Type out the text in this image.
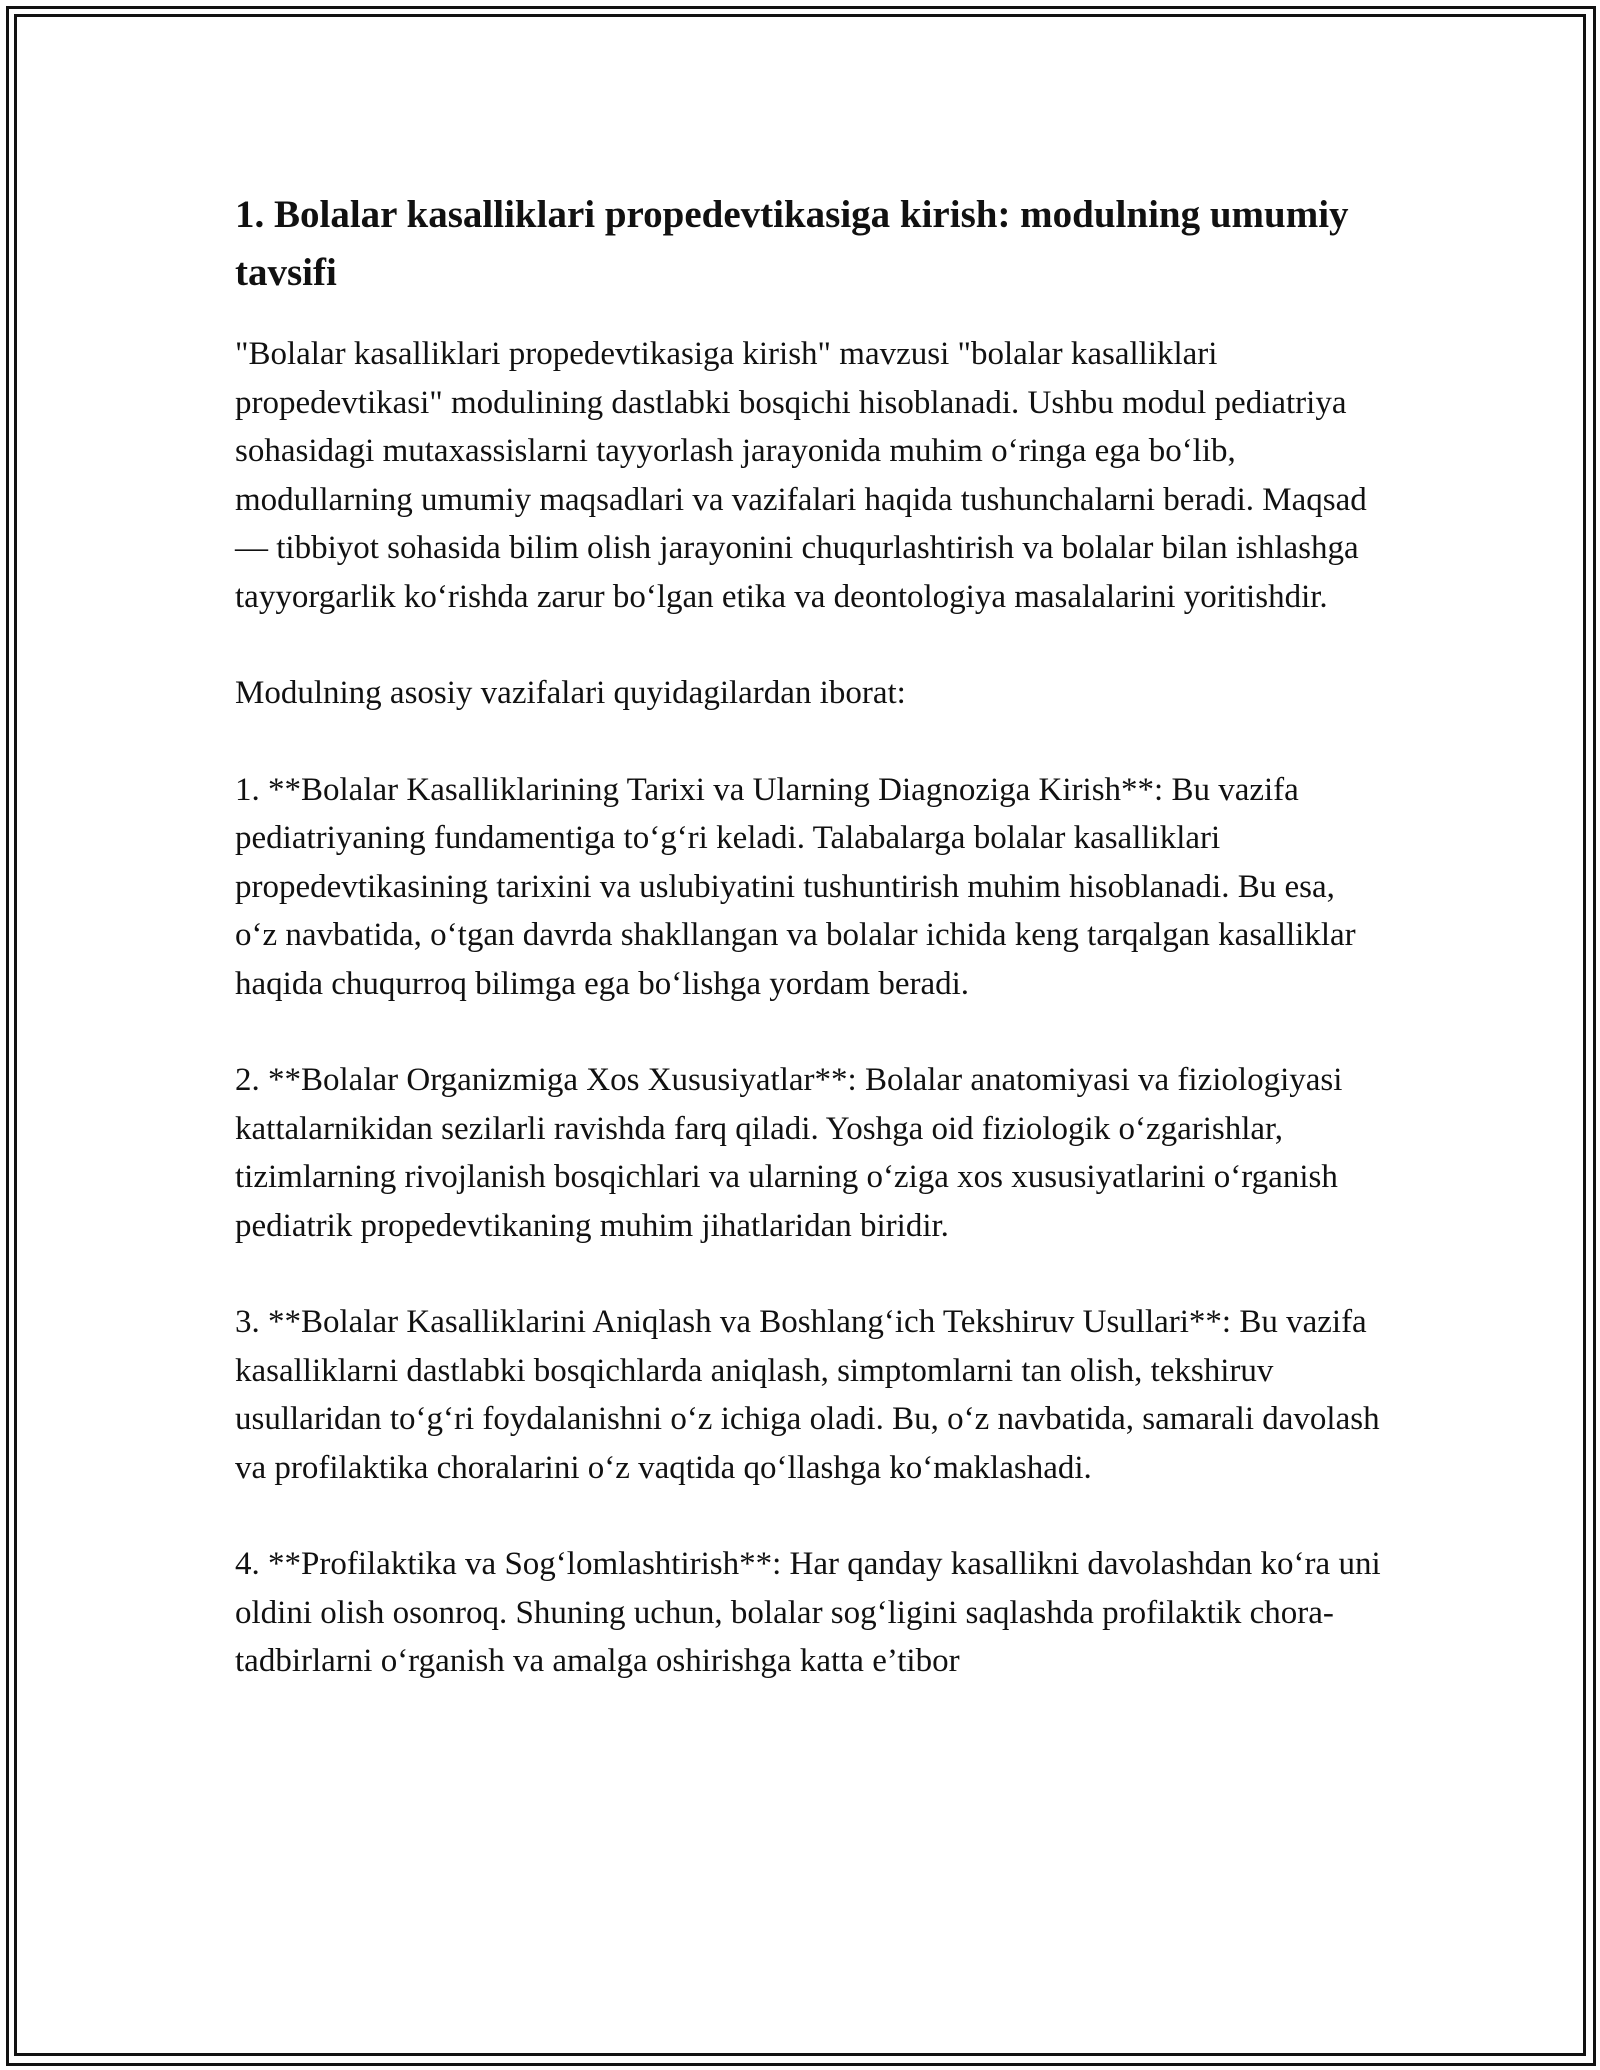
1. Bolalar kasalliklari propedevtikasiga kirish: modulning umumiy tavsifi

"Bolalar kasalliklari propedevtikasiga kirish" mavzusi "bolalar kasalliklari propedevtikasi" modulining dastlabki bosqichi hisoblanadi. Ushbu modul pediatriya sohasidagi mutaxassislarni tayyorlash jarayonida muhim o‘ringa ega bo‘lib, modullarning umumiy maqsadlari va vazifalari haqida tushunchalarni beradi. Maqsad — tibbiyot sohasida bilim olish jarayonini chuqurlashtirish va bolalar bilan ishlashga tayyorgarlik ko‘rishda zarur bo‘lgan etika va deontologiya masalalarini yoritishdir.

Modulning asosiy vazifalari quyidagilardan iborat:

1. **Bolalar Kasalliklarining Tarixi va Ularning Diagnoziga Kirish**: Bu vazifa pediatriyaning fundamentiga to‘g‘ri keladi. Talabalarga bolalar kasalliklari propedevtikasining tarixini va uslubiyatini tushuntirish muhim hisoblanadi. Bu esa, o‘z navbatida, o‘tgan davrda shakllangan va bolalar ichida keng tarqalgan kasalliklar haqida chuqurroq bilimga ega bo‘lishga yordam beradi.

2. **Bolalar Organizmiga Xos Xususiyatlar**: Bolalar anatomiyasi va fiziologiyasi kattalarnikidan sezilarli ravishda farq qiladi. Yoshga oid fiziologik o‘zgarishlar, tizimlarning rivojlanish bosqichlari va ularning o‘ziga xos xususiyatlarini o‘rganish pediatrik propedevtikaning muhim jihatlaridan biridir.

3. **Bolalar Kasalliklarini Aniqlash va Boshlang‘ich Tekshiruv Usullari**: Bu vazifa kasalliklarni dastlabki bosqichlarda aniqlash, simptomlarni tan olish, tekshiruv usullaridan to‘g‘ri foydalanishni o‘z ichiga oladi. Bu, o‘z navbatida, samarali davolash va profilaktika choralarini o‘z vaqtida qo‘llashga ko‘maklashadi.

4. **Profilaktika va Sog‘lomlashtirish**: Har qanday kasallikni davolashdan ko‘ra uni oldini olish osonroq. Shuning uchun, bolalar sog‘ligini saqlashda profilaktik chora-tadbirlarni o‘rganish va amalga oshirishga katta e’tibor
